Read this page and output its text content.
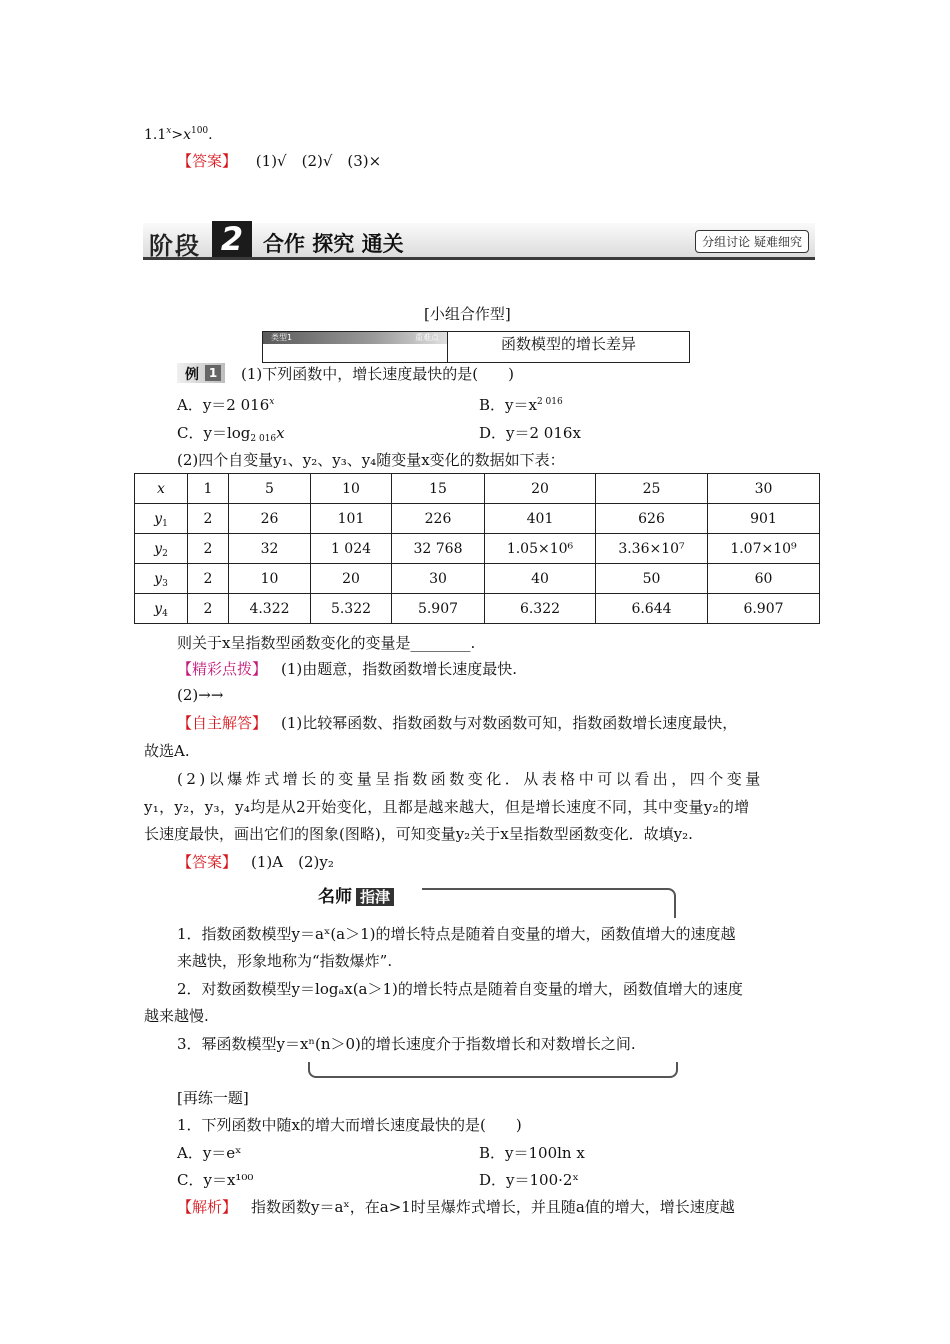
$1.1^x>x^{100}$.
【答案】 (1)√　(2)√　(3)×
阶段 2 合作 探究 通关	分组讨论 疑难细究
[小组合作型]
类型1	重难点	函数模型的增长差异
例 1 (1)下列函数中，增长速度最快的是(　　)
A．y＝2 016$^x$	B．$y=x^{2 016}$
C．$y=\log_{2 016}x$	D．y＝2 016x
(2)四个自变量y₁、y₂、y₃、y₄随变量x变化的数据如下表：
x	1	5	10	15	20	25	30
$y_1$	2	26	101	226	401	626	901
$y_2$	2	32	1 024	32 768	1.05×10⁶	3.36×10⁷	1.07×10⁹
$y_3$	2	10	20	30	40	50	60
$y_4$	2	4.322	5.322	5.907	6.322	6.644	6.907
则关于x呈指数型函数变化的变量是________.
【精彩点拨】 (1)由题意，指数函数增长速度最快.
(2)→→
【自主解答】 (1)比较幂函数、指数函数与对数函数可知，指数函数增长速度最快，
故选A.
(2)以爆炸式增长的变量呈指数函数变化．从表格中可以看出，四个变量
y₁，y₂，y₃，y₄均是从2开始变化，且都是越来越大，但是增长速度不同，其中变量y₂的增
长速度最快，画出它们的图象(图略)，可知变量y₂关于x呈指数型函数变化．故填y₂.
【答案】 (1)A　(2)y₂
名师 指津
1．指数函数模型y＝aˣ(a＞1)的增长特点是随着自变量的增大，函数值增大的速度越
来越快，形象地称为“指数爆炸”.
2．对数函数模型y＝logₐx(a＞1)的增长特点是随着自变量的增大，函数值增大的速度
越来越慢.
3．幂函数模型y＝xⁿ(n＞0)的增长速度介于指数增长和对数增长之间.
[再练一题]
1．下列函数中随x的增大而增长速度最快的是(　　)
A．y＝eˣ	B．y＝100ln x
C．y＝x¹⁰⁰	D．y＝100·2ˣ
【解析】 指数函数y＝aˣ，在a>1时呈爆炸式增长，并且随a值的增大，增长速度越
